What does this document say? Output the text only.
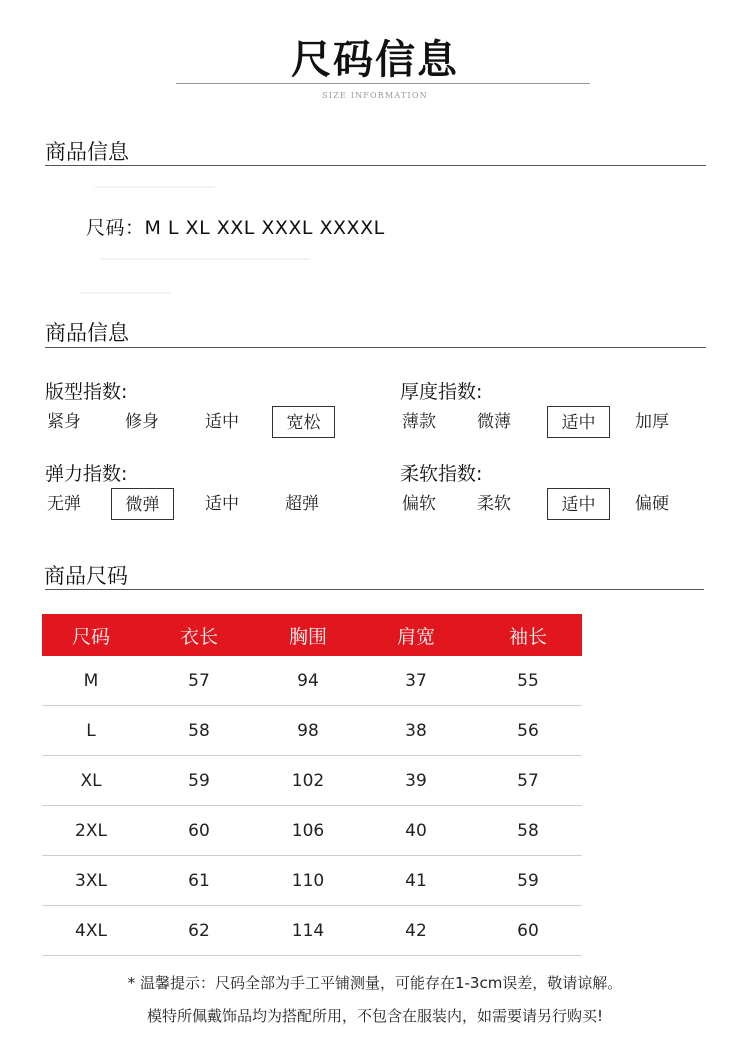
尺码信息
SIZE INFORMATION
商品信息
尺码：M L XL XXL XXXL XXXXL
商品信息
版型指数:
紧身	修身	适中	宽松
厚度指数:
薄款	微薄	适中	加厚
弹力指数:
无弹	微弹	适中	超弹
柔软指数:
偏软	柔软	适中	偏硬
商品尺码
尺码	衣长	胸围	肩宽	袖长
M	57	94	37	55
L	58	98	38	56
XL	59	102	39	57
2XL	60	106	40	58
3XL	61	110	41	59
4XL	62	114	42	60
* 温馨提示：尺码全部为手工平铺测量，可能存在1-3cm误差，敬请谅解。
模特所佩戴饰品均为搭配所用，不包含在服装内，如需要请另行购买!
